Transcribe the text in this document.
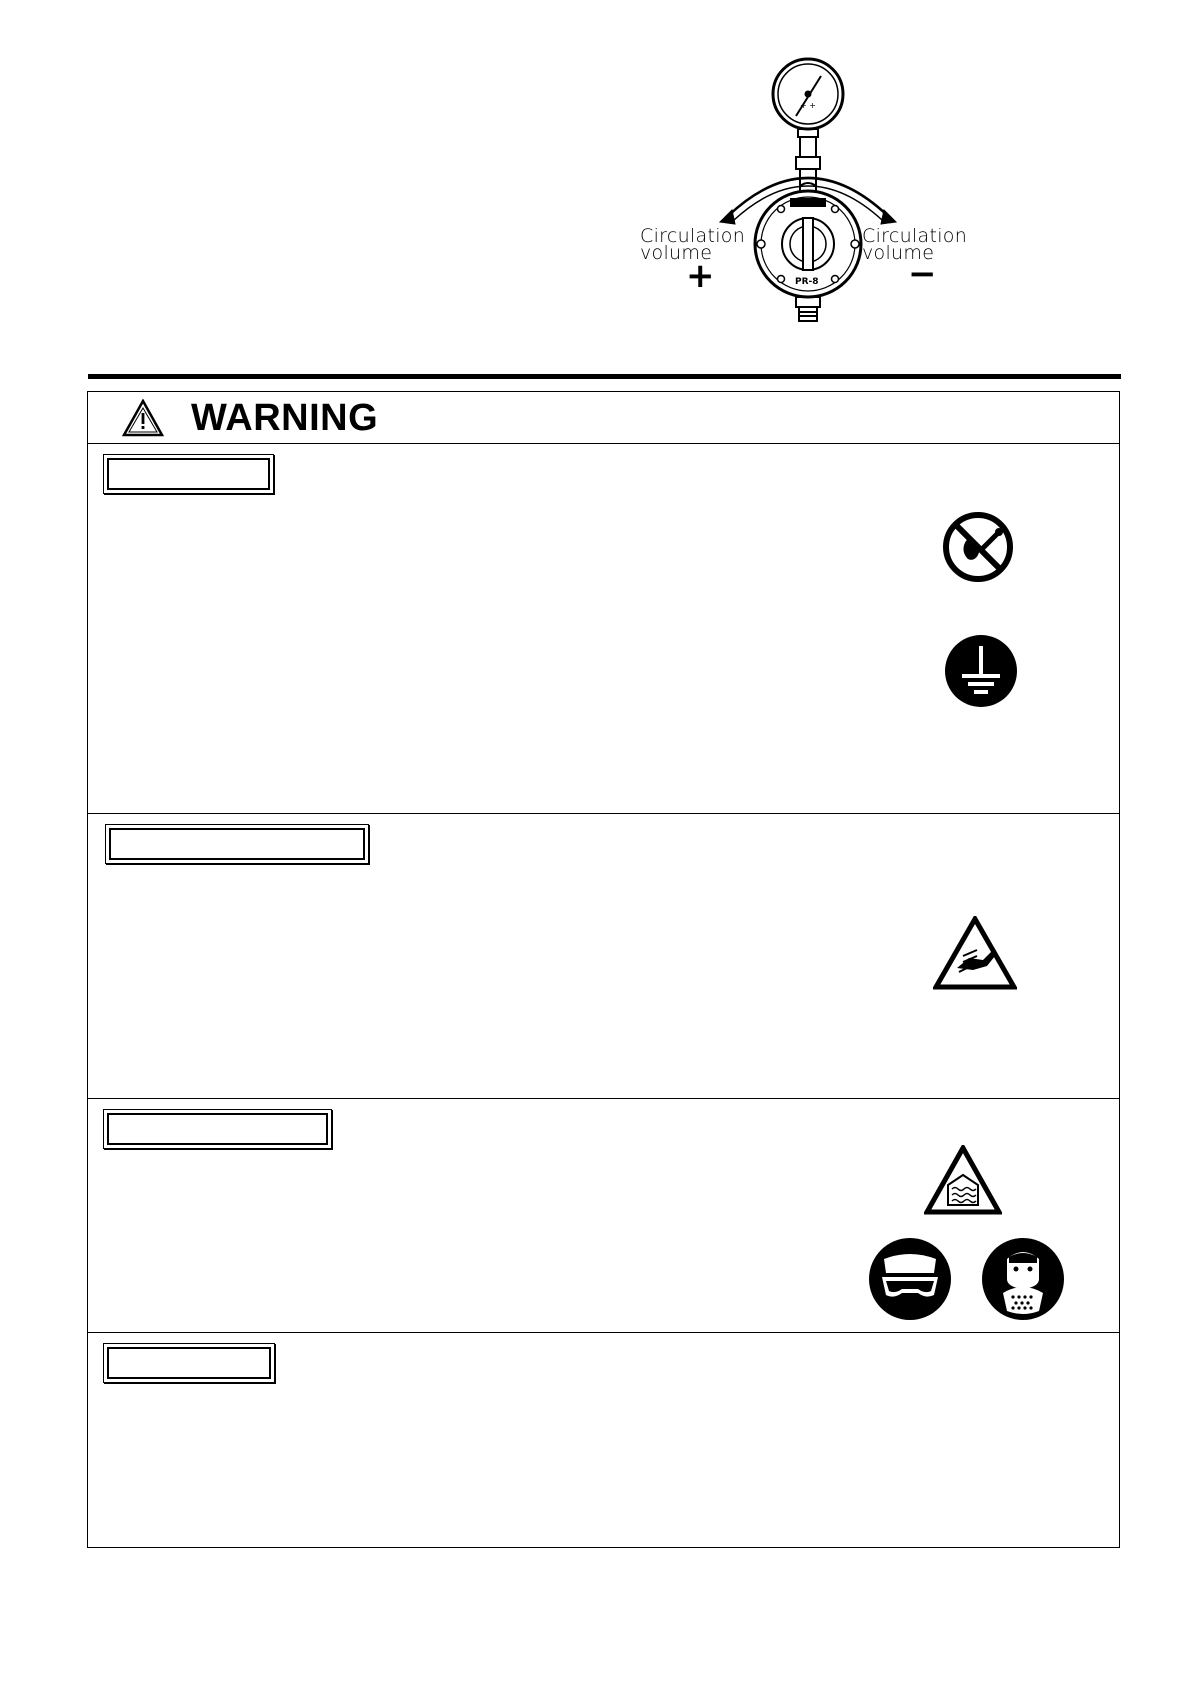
+ +
PR-8
Circulation
volume
+
Circulation
volume
−
WARNING
